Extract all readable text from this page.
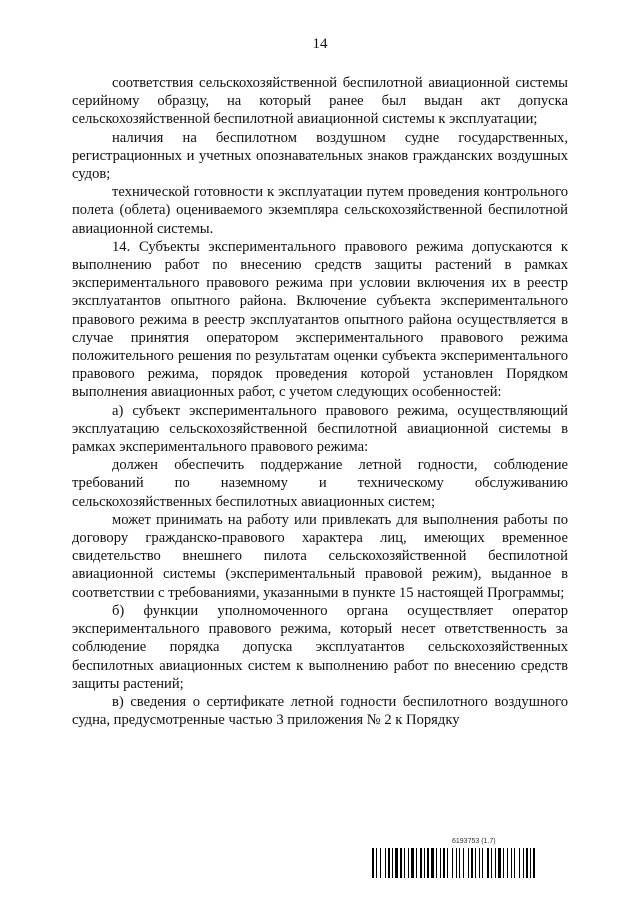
14

соответствия сельскохозяйственной беспилотной авиационной системы серийному образцу, на который ранее был выдан акт допуска сельскохозяйственной беспилотной авиационной системы к эксплуатации;

наличия на беспилотном воздушном судне государственных, регистрационных и учетных опознавательных знаков гражданских воздушных судов;

технической готовности к эксплуатации путем проведения контрольного полета (облета) оцениваемого экземпляра сельскохозяйственной беспилотной авиационной системы.

14. Субъекты экспериментального правового режима допускаются к выполнению работ по внесению средств защиты растений в рамках экспериментального правового режима при условии включения их в реестр эксплуатантов опытного района. Включение субъекта экспериментального правового режима в реестр эксплуатантов опытного района осуществляется в случае принятия оператором экспериментального правового режима положительного решения по результатам оценки субъекта экспериментального правового режима, порядок проведения которой установлен Порядком выполнения авиационных работ, с учетом следующих особенностей:

а) субъект экспериментального правового режима, осуществляющий эксплуатацию сельскохозяйственной беспилотной авиационной системы в рамках экспериментального правового режима:

должен обеспечить поддержание летной годности, соблюдение требований по наземному и техническому обслуживанию сельскохозяйственных беспилотных авиационных систем;

может принимать на работу или привлекать для выполнения работы по договору гражданско-правового характера лиц, имеющих временное свидетельство внешнего пилота сельскохозяйственной беспилотной авиационной системы (экспериментальный правовой режим), выданное в соответствии с требованиями, указанными в пункте 15 настоящей Программы;

б) функции уполномоченного органа осуществляет оператор экспериментального правового режима, который несет ответственность за соблюдение порядка допуска эксплуатантов сельскохозяйственных беспилотных авиационных систем к выполнению работ по внесению средств защиты растений;

в) сведения о сертификате летной годности беспилотного воздушного судна, предусмотренные частью 3 приложения № 2 к Порядку

6193753 (1.7)
